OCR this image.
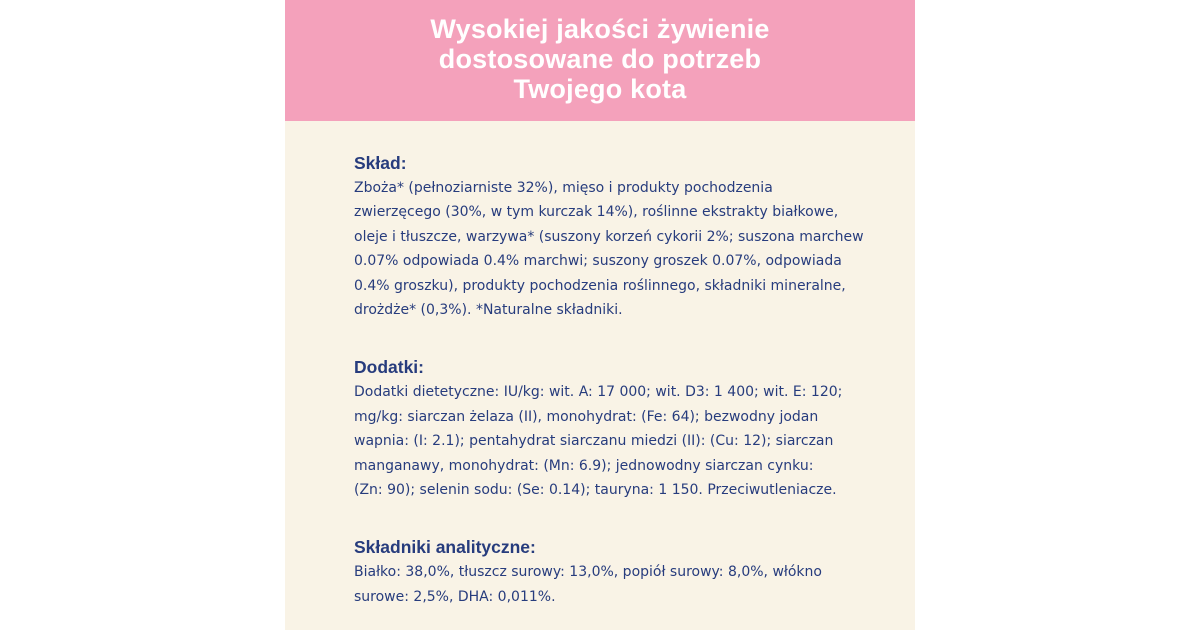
Wysokiej jakości żywienie
dostosowane do potrzeb
Twojego kota
Skład:

Zboża* (pełnoziarniste 32%), mięso i produkty pochodzenia
zwierzęcego (30%, w tym kurczak 14%), roślinne ekstrakty białkowe,
oleje i tłuszcze, warzywa* (suszony korzeń cykorii 2%; suszona marchew
0.07% odpowiada 0.4% marchwi; suszony groszek 0.07%, odpowiada
0.4% groszku), produkty pochodzenia roślinnego, składniki mineralne,
drożdże* (0,3%). *Naturalne składniki.

Dodatki:

Dodatki dietetyczne: IU/kg: wit. A: 17 000; wit. D3: 1 400; wit. E: 120;
mg/kg: siarczan żelaza (II), monohydrat: (Fe: 64); bezwodny jodan
wapnia: (I: 2.1); pentahydrat siarczanu miedzi (II): (Cu: 12); siarczan
manganawy, monohydrat: (Mn: 6.9); jednowodny siarczan cynku:
(Zn: 90); selenin sodu: (Se: 0.14); tauryna: 1 150. Przeciwutleniacze.

Składniki analityczne:

Białko: 38,0%, tłuszcz surowy: 13,0%, popiół surowy: 8,0%, włókno
surowe: 2,5%, DHA: 0,011%.
